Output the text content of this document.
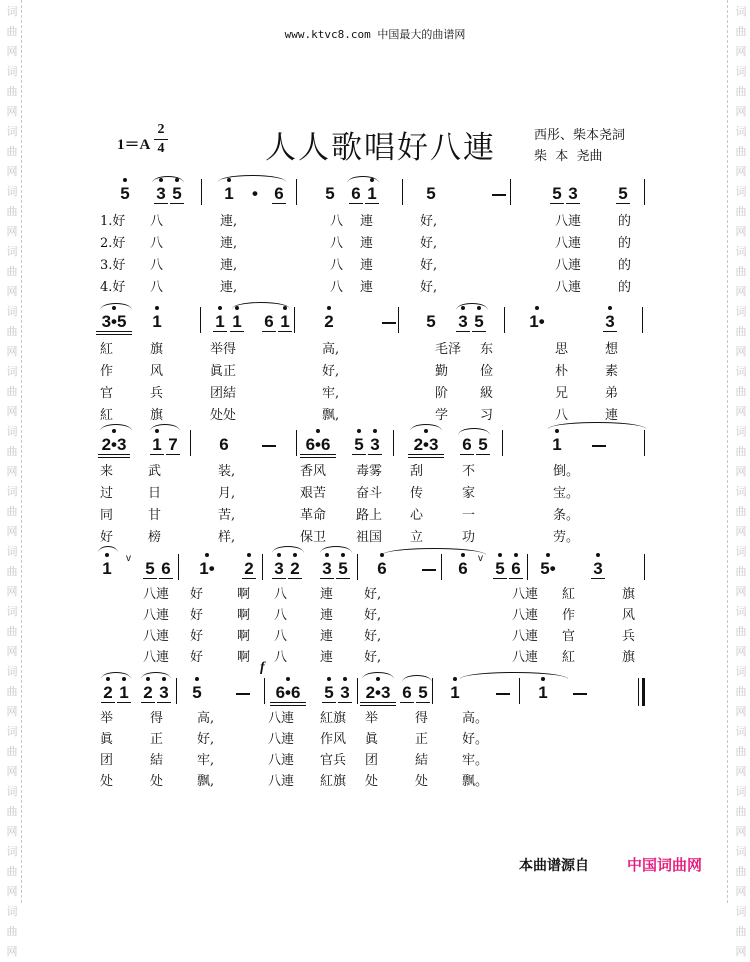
词
曲
网
词
曲
网
词
曲
网
词
曲
网
词
曲
网
词
曲
网
词
曲
网
词
曲
网
词
曲
网
词
曲
网
词
曲
网
词
曲
网
词
曲
网
词
曲
网
词
曲
网
词
曲
网
词
曲
网
词
曲
网
词
曲
网
词
曲
网
词
曲
网
词
曲
网
词
曲
网
词
曲
网
词
曲
网
词
曲
网
词
曲
网
词
曲
网
词
曲
网
词
曲
网
词
曲
网
词
曲
网
www.ktvc8.com 中国最大的曲谱网
1＝A
2
4	人人歌唱好八連	西彤、柴本尧詞
柴  本  尧曲
5 3 5	1 • 6 5 6 1	5	5 3 5
1.好 八	連,	八 連	好,	八連	的
2.好 八	連,	八 連	好,	八連	的
3.好 八	連,	八 連	好,	八連	的
4.好 八	連,	八 連	好,	八連	的
3•5	1	1 1 6 1 2	5 3 5	1•	3
紅	旗	举得	高,	毛泽 东	思	想
作	风	眞正	好,	勤 俭	朴	素
官	兵	团結	牢,	阶 級	兄	弟
紅	旗	处处	飘,	学 习	八	連
2•3 1 7 6	6•6	5 3	2•3	6 5	1
来	武	装,	香风 毒雾 刮	不	倒。
过	日	月,	艰苦 奋斗 传	家	宝。
同	甘	苦,	革命 路上 心	一	条。
好	榜	样,	保卫 祖国 立	功	劳。
1
v
5 6 1• 2 3 2 3 5 6	6
v
5 6 5• 3
八連 好	啊 八	連 好,	八連 紅	旗
八連 好	啊 八	連 好,	八連 作	风
八連 好	啊 八	連 好,	八連 官	兵
八連 好	啊 八	連 好,	八連 紅	旗
2 1 2 3 5
f
6•6	5 3 2•3 6 5 1	1
举	得	高,	八連 紅旗 举	得	高。
眞	正	好,	八連 作风 眞	正	好。
团	結	牢,	八連 官兵 团	結	牢。
处	处	飘,	八連 紅旗 处	处	飘。
本曲谱源自	中国词曲网
